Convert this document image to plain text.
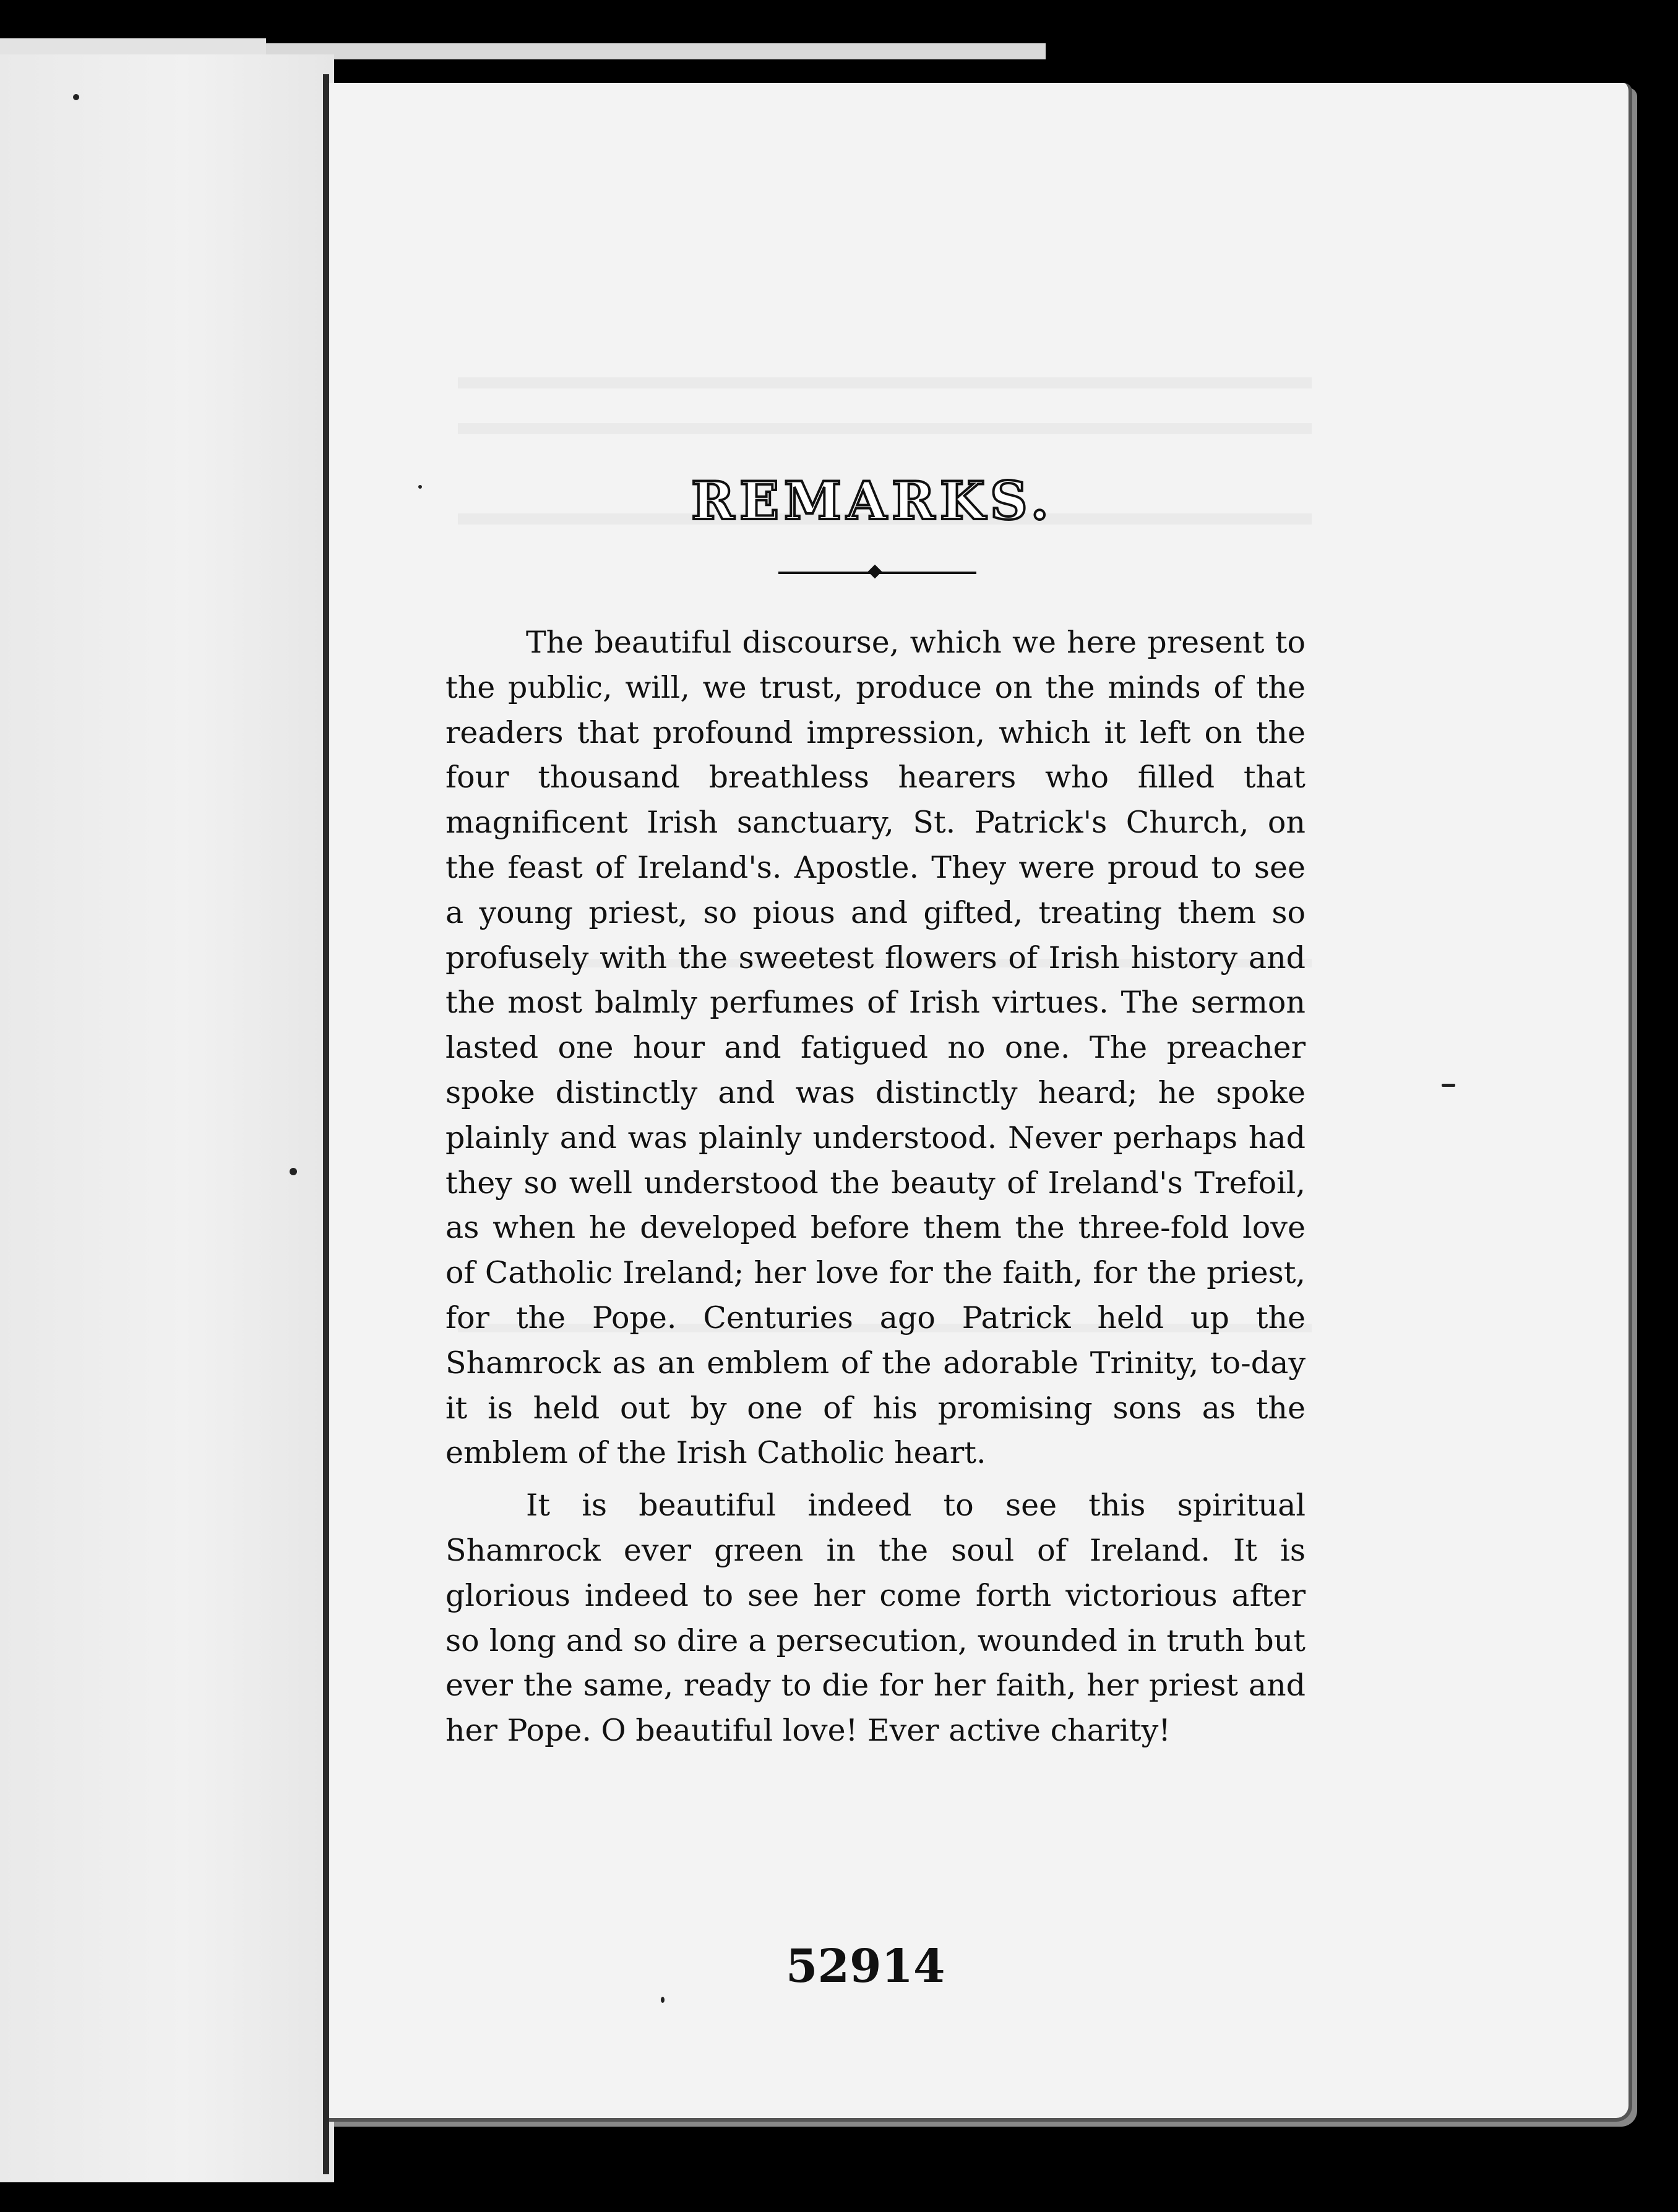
REMARKS.

The beautiful discourse, which we here present to the public, will, we trust, produce on the minds of the readers that profound impression, which it left on the four thousand breathless hearers who filled that magnificent Irish sanctuary, St. Patrick's Church, on the feast of Ireland's. Apostle. They were proud to see a young priest, so pious and gifted, treating them so profusely with the sweetest flowers of Irish history and the most balmly perfumes of Irish virtues. The sermon lasted one hour and fatigued no one. The preacher spoke distinctly and was distinctly heard; he spoke plainly and was plainly understood. Never perhaps had they so well understood the beauty of Ireland's Trefoil, as when he developed before them the three-fold love of Catholic Ireland; her love for the faith, for the priest, for the Pope. Centuries ago Patrick held up the Shamrock as an emblem of the adorable Trinity, to-day it is held out by one of his promising sons as the emblem of the Irish Catholic heart.

It is beautiful indeed to see this spiritual Shamrock ever green in the soul of Ireland. It is glorious indeed to see her come forth victorious after so long and so dire a persecution, wounded in truth but ever the same, ready to die for her faith, her priest and her Pope. O beautiful love! Ever active charity!

52914
